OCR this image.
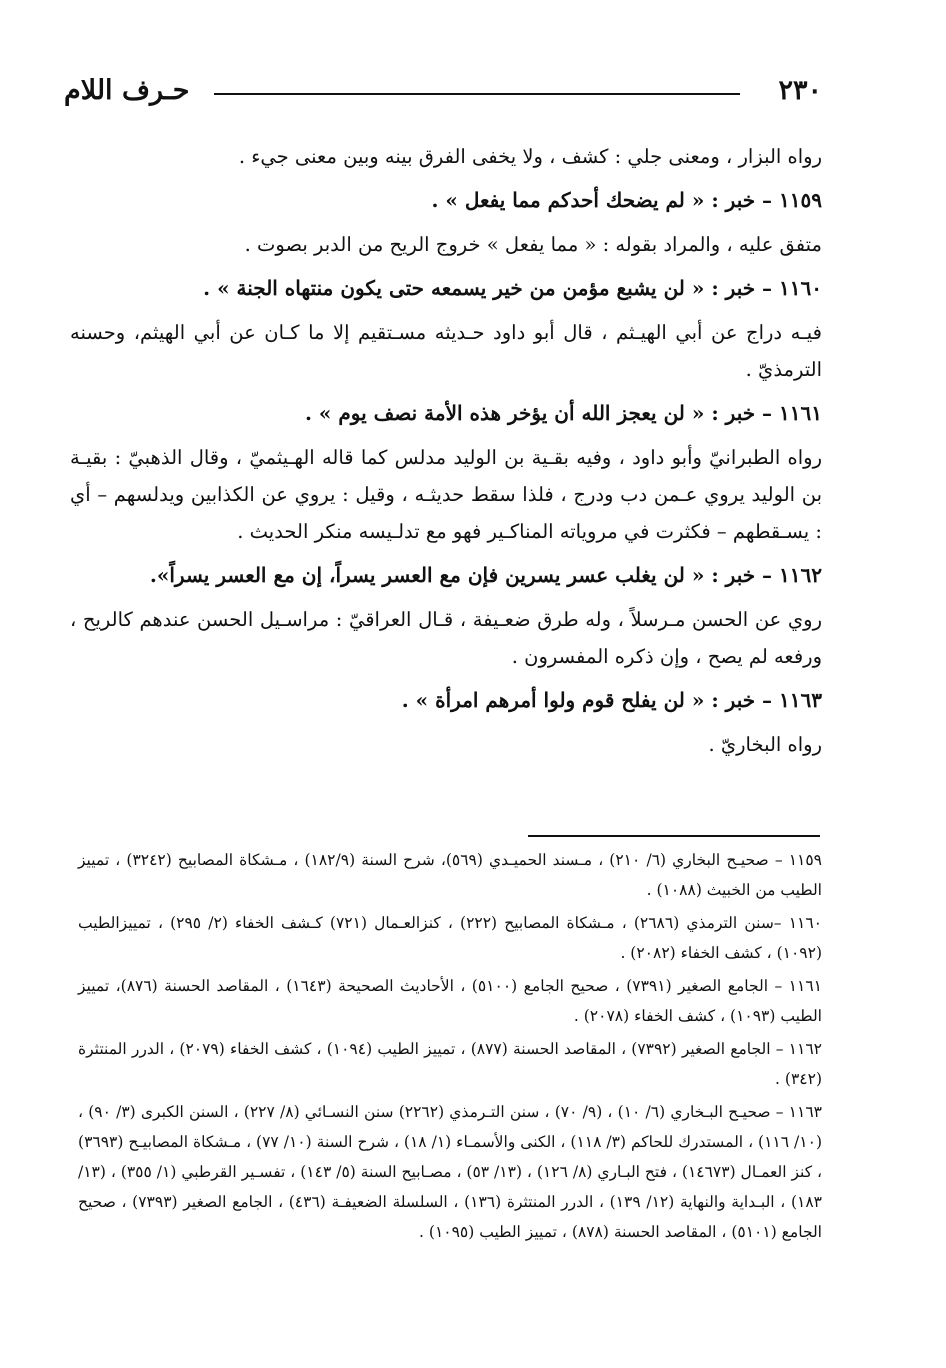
٢٣٠
حـرف اللام

رواه البزار ، ومعنى جلي : كشف ، ولا يخفى الفرق بينه وبين معنى جيء .

١١٥٩ – خبر : « لم يضحك أحدكم مما يفعل » .

متفق عليه ، والمراد بقوله : « مما يفعل » خروج الريح من الدبر بصوت .

١١٦٠ – خبر : « لن يشبع مؤمن من خير يسمعه حتى يكون منتهاه الجنة » .

فيـه دراج عن أبي الهيـثم ، قال أبو داود حـديثه مسـتقيم إلا ما كـان عن أبي الهيثم، وحسنه الترمذيّ .

١١٦١ – خبر : « لن يعجز الله أن يؤخر هذه الأمة نصف يوم » .

رواه الطبرانيّ وأبو داود ، وفيه بقـية بن الوليد مدلس كما قاله الهـيثميّ ، وقال الذهبيّ : بقيـة بن الوليد يروي عـمن دب ودرج ، فلذا سقط حديثـه ، وقيل : يروي عن الكذابين ويدلسهم – أي : يسـقطهم – فكثرت في مروياته المناكـير فهو مع تدلـيسه منكر الحديث .

١١٦٢ – خبر : « لن يغلب عسر يسرين فإن مع العسر يسراً، إن مع العسر يسراً».

روي عن الحسن مـرسلاً ، وله طرق ضعـيفة ، قـال العراقيّ : مراسـيل الحسن عندهم كالريح ، ورفعه لم يصح ، وإن ذكره المفسرون .

١١٦٣ – خبر : « لن يفلح قوم ولوا أمرهم امرأة » .

رواه البخاريّ .

١١٥٩ – صحيـح البخاري (٦/ ٢١٠) ، مـسند الحميـدي (٥٦٩)، شرح السنة (١٨٢/٩) ، مـشكاة المصابيح (٣٢٤٢) ، تمييز الطيب من الخبيث (١٠٨٨) .

١١٦٠ –سنن الترمذي (٢٦٨٦) ، مـشكاة المصابيح (٢٢٢) ، كنزالعـمال (٧٢١) كـشف الخفاء (٢/ ٢٩٥) ، تمييزالطيب (١٠٩٢) ، كشف الخفاء (٢٠٨٢) .

١١٦١ – الجامع الصغير (٧٣٩١) ، صحيح الجامع (٥١٠٠) ، الأحاديث الصحيحة (١٦٤٣) ، المقاصد الحسنة (٨٧٦)، تمييز الطيب (١٠٩٣) ، كشف الخفاء (٢٠٧٨) .

١١٦٢ – الجامع الصغير (٧٣٩٢) ، المقاصد الحسنة (٨٧٧) ، تمييز الطيب (١٠٩٤) ، كشف الخفاء (٢٠٧٩) ، الدرر المنتثرة (٣٤٢) .

١١٦٣ – صحيـح البـخاري (٦/ ١٠) ، (٩/ ٧٠) ، سنن التـرمذي (٢٢٦٢) سنن النسـائي (٨/ ٢٢٧) ، السنن الكبرى (٣/ ٩٠) ، (١٠/ ١١٦) ، المستدرك للحاكم (٣/ ١١٨) ، الكنى والأسمـاء (١/ ١٨) ، شرح السنة (١٠/ ٧٧) ، مـشكاة المصابيـح (٣٦٩٣) ، كنز العمـال (١٤٦٧٣) ، فتح البـاري (٨/ ١٢٦) ، (١٣/ ٥٣) ، مصـابيح السنة (٥/ ١٤٣) ، تفسـير القرطبي (١/ ٣٥٥) ، (١٣/ ١٨٣) ، البـداية والنهاية (١٢/ ١٣٩) ، الدرر المنتثرة (١٣٦) ، السلسلة الضعيفـة (٤٣٦) ، الجامع الصغير (٧٣٩٣) ، صحيح الجامع (٥١٠١) ، المقاصد الحسنة (٨٧٨) ، تمييز الطيب (١٠٩٥) .
